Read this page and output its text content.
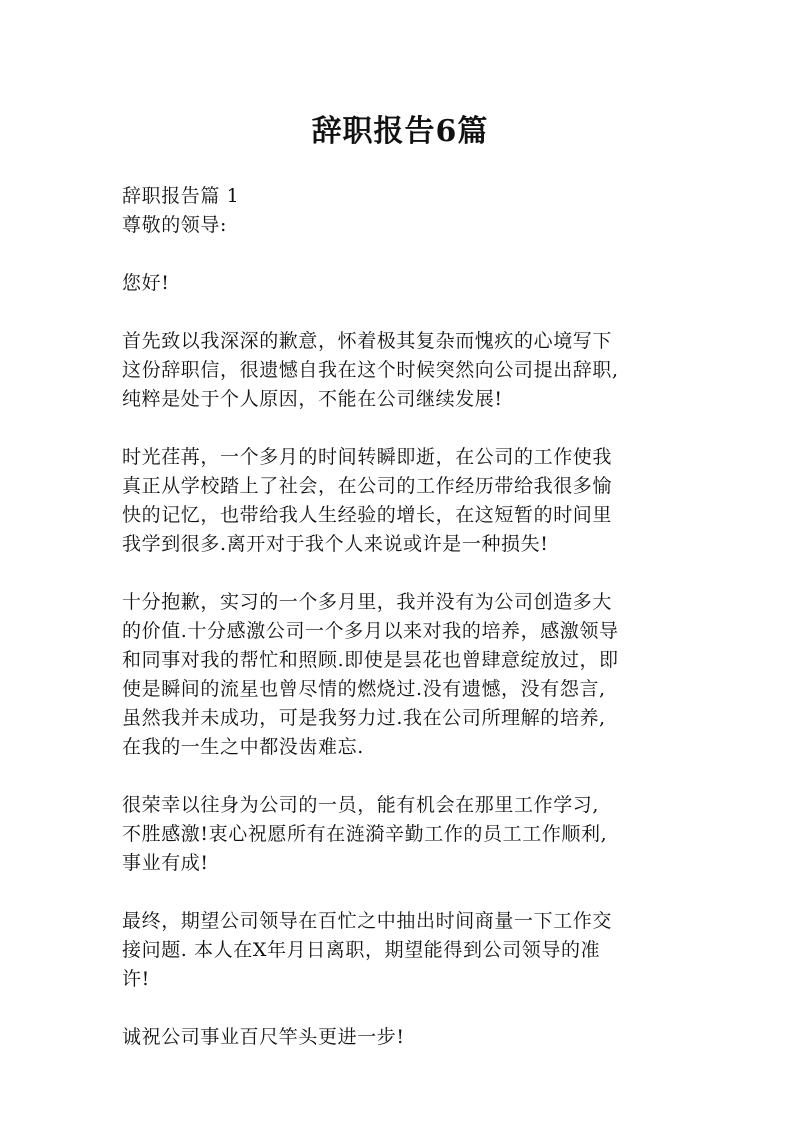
辞职报告6篇

辞职报告篇 1

尊敬的领导:

您好!

首先致以我深深的歉意，怀着极其复杂而愧疚的心境写下

这份辞职信，很遗憾自我在这个时候突然向公司提出辞职,

纯粹是处于个人原因，不能在公司继续发展!

时光荏苒，一个多月的时间转瞬即逝，在公司的工作使我

真正从学校踏上了社会，在公司的工作经历带给我很多愉

快的记忆，也带给我人生经验的增长，在这短暂的时间里

我学到很多.离开对于我个人来说或许是一种损失!

十分抱歉，实习的一个多月里，我并没有为公司创造多大

的价值.十分感激公司一个多月以来对我的培养，感激领导

和同事对我的帮忙和照顾.即使是昙花也曾肆意绽放过，即

使是瞬间的流星也曾尽情的燃烧过.没有遗憾，没有怨言,

虽然我并未成功，可是我努力过.我在公司所理解的培养,

在我的一生之中都没齿难忘.

很荣幸以往身为公司的一员，能有机会在那里工作学习,

不胜感激!衷心祝愿所有在涟漪辛勤工作的员工工作顺利,

事业有成!

最终，期望公司领导在百忙之中抽出时间商量一下工作交

接问题. 本人在X年月日离职，期望能得到公司领导的准

许!

诚祝公司事业百尺竿头更进一步!
